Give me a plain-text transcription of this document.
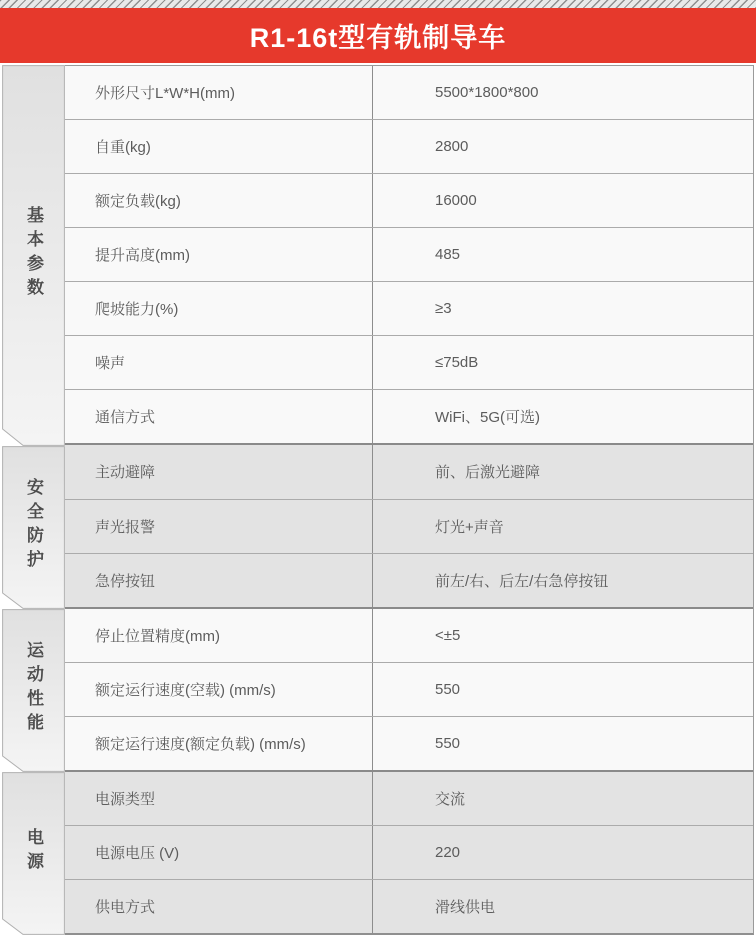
R1-16t型有轨制导车
基本参数
安全防护
运动性能
电源
外形尺寸L*W*H(mm)	5500*1800*800
自重(kg)	2800
额定负载(kg)	16000
提升高度(mm)	485
爬坡能力(%)	≥3
噪声	≤75dB
通信方式	WiFi、5G(可选)
主动避障	前、后激光避障
声光报警	灯光+声音
急停按钮	前左/右、后左/右急停按钮
停止位置精度(mm)	<±5
额定运行速度(空载) (mm/s)	550
额定运行速度(额定负载) (mm/s)	550
电源类型	交流
电源电压 (V)	220
供电方式	滑线供电
